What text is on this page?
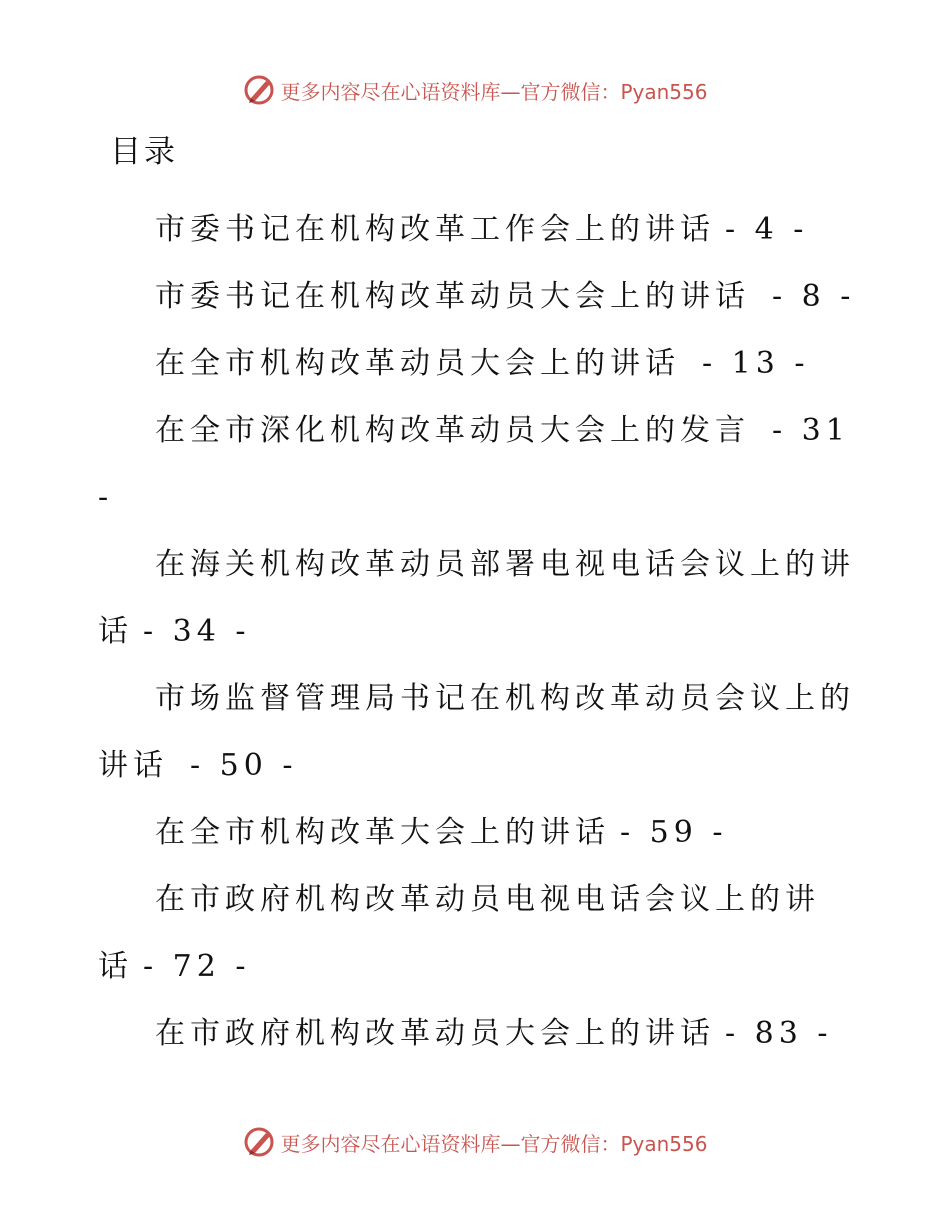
更多内容尽在心语资料库—官方微信：Pyan556
目录

市委书记在机构改革工作会上的讲话 - 4 -

市委书记在机构改革动员大会上的讲话 - 8 -

在全市机构改革动员大会上的讲话 - 13 -

在全市深化机构改革动员大会上的发言 - 31 -

在海关机构改革动员部署电视电话会议上的讲话 - 34 -

市场监督管理局书记在机构改革动员会议上的讲话 - 50 -

在全市机构改革大会上的讲话 - 59 -

在市政府机构改革动员电视电话会议上的讲话 - 72 -

在市政府机构改革动员大会上的讲话 - 83 -

更多内容尽在心语资料库—官方微信：Pyan556
